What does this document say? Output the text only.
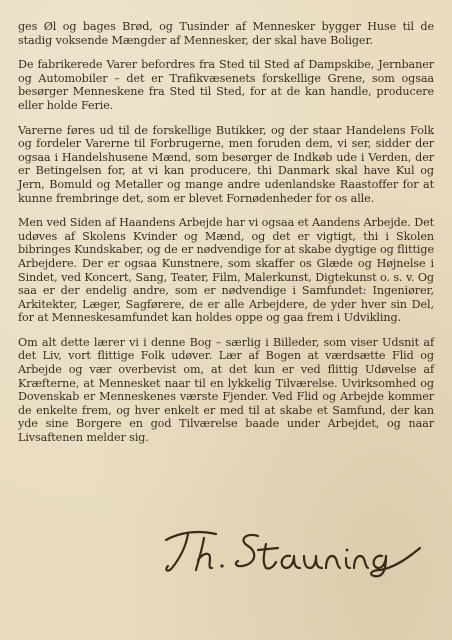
ges Øl og bages Brød, og Tusinder af Mennesker bygger Huse til de stadig voksende Mængder af Mennesker, der skal have Boliger.

De fabrikerede Varer befordres fra Sted til Sted af Dampskibe, Jernbaner og Automobiler – det er Trafikvæsenets forskellige Grene, som ogsaa besørger Menneskene fra Sted til Sted, for at de kan handle, producere eller holde Ferie.

Varerne føres ud til de forskellige Butikker, og der staar Handelens Folk og fordeler Varerne til Forbrugerne, men foruden dem, vi ser, sidder der ogsaa i Handelshusene Mænd, som besørger de Indkøb ude i Verden, der er Betingelsen for, at vi kan producere, thi Danmark skal have Kul og Jern, Bomuld og Metaller og mange andre udenlandske Raastoffer for at kunne frembringe det, som er blevet Fornødenheder for os alle.

Men ved Siden af Haandens Arbejde har vi ogsaa et Aandens Arbejde. Det udøves af Skolens Kvinder og Mænd, og det er vigtigt, thi i Skolen bibringes Kundskaber, og de er nødvendige for at skabe dygtige og flittige Arbejdere. Der er ogsaa Kunstnere, som skaffer os Glæde og Højnelse i Sindet, ved Koncert, Sang, Teater, Film, Malerkunst, Digtekunst o. s. v. Og saa er der endelig andre, som er nødvendige i Samfundet: Ingeniører, Arkitekter, Læger, Sagførere, de er alle Arbejdere, de yder hver sin Del, for at Menneskesamfundet kan holdes oppe og gaa frem i Udvikling.

Om alt dette lærer vi i denne Bog – særlig i Billeder, som viser Udsnit af det Liv, vort flittige Folk udøver. Lær af Bogen at værdsætte Flid og Arbejde og vær overbevist om, at det kun er ved flittig Udøvelse af Kræfterne, at Mennesket naar til en lykkelig Tilværelse. Uvirksomhed og Dovenskab er Menneskenes værste Fjender. Ved Flid og Arbejde kommer de enkelte frem, og hver enkelt er med til at skabe et Samfund, der kan yde sine Borgere en god Tilværelse baade under Arbejdet, og naar Livsaftenen melder sig.
